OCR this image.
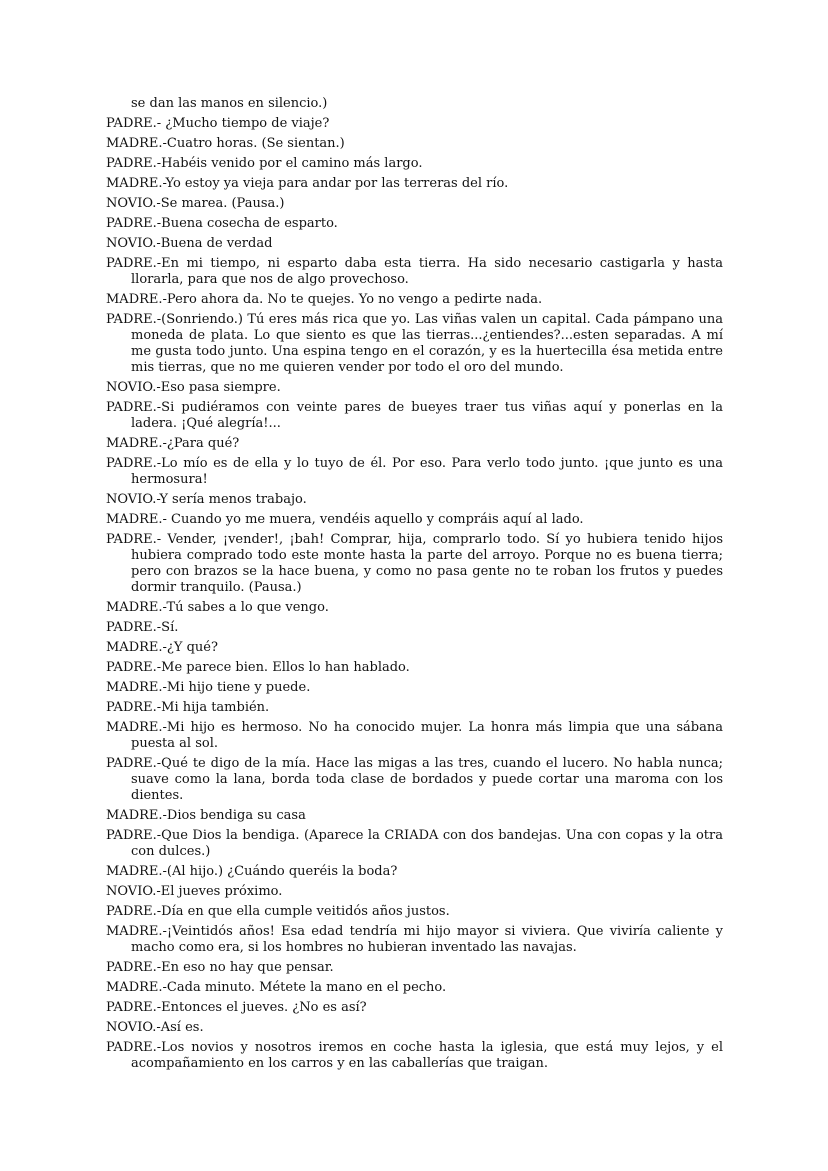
se dan las manos en silencio.)

PADRE.- ¿Mucho tiempo de viaje?

MADRE.-Cuatro horas. (Se sientan.)

PADRE.-Habéis venido por el camino más largo.

MADRE.-Yo estoy ya vieja para andar por las terreras del río.

NOVIO.-Se marea. (Pausa.)

PADRE.-Buena cosecha de esparto.

NOVIO.-Buena de verdad

PADRE.-En mi tiempo, ni esparto daba esta tierra. Ha sido necesario castigarla y hasta llorarla, para que nos de algo provechoso.

MADRE.-Pero ahora da. No te quejes. Yo no vengo a pedirte nada.

PADRE.-(Sonriendo.) Tú eres más rica que yo. Las viñas valen un capital. Cada pámpano una moneda de plata. Lo que siento es que las tierras...¿entiendes?...esten separadas. A mí me gusta todo junto. Una espina tengo en el corazón, y es la huertecilla ésa metida entre mis tierras, que no me quieren vender por todo el oro del mundo.

NOVIO.-Eso pasa siempre.

PADRE.-Si pudiéramos con veinte pares de bueyes traer tus viñas aquí y ponerlas en la ladera. ¡Qué alegría!...

MADRE.-¿Para qué?

PADRE.-Lo mío es de ella y lo tuyo de él. Por eso. Para verlo todo junto. ¡que junto es una hermosura!

NOVIO.-Y sería menos trabajo.

MADRE.- Cuando yo me muera, vendéis aquello y compráis aquí al lado.

PADRE.- Vender, ¡vender!, ¡bah! Comprar, hija, comprarlo todo. Sí yo hubiera tenido hijos hubiera comprado todo este monte hasta la parte del arroyo. Porque no es buena tierra; pero con brazos se la hace buena, y como no pasa gente no te roban los frutos y puedes dormir tranquilo. (Pausa.)

MADRE.-Tú sabes a lo que vengo.

PADRE.-Sí.

MADRE.-¿Y qué?

PADRE.-Me parece bien. Ellos lo han hablado.

MADRE.-Mi hijo tiene y puede.

PADRE.-Mi hija también.

MADRE.-Mi hijo es hermoso. No ha conocido mujer. La honra más limpia que una sábana puesta al sol.

PADRE.-Qué te digo de la mía. Hace las migas a las tres, cuando el lucero. No habla nunca; suave como la lana, borda toda clase de bordados y puede cortar una maroma con los dientes.

MADRE.-Dios bendiga su casa

PADRE.-Que Dios la bendiga. (Aparece la CRIADA con dos bandejas. Una con copas y la otra con dulces.)

MADRE.-(Al hijo.) ¿Cuándo queréis la boda?

NOVIO.-El jueves próximo.

PADRE.-Día en que ella cumple veitidós años justos.

MADRE.-¡Veintidós años! Esa edad tendría mi hijo mayor si viviera. Que viviría caliente y macho como era, si los hombres no hubieran inventado las navajas.

PADRE.-En eso no hay que pensar.

MADRE.-Cada minuto. Métete la mano en el pecho.

PADRE.-Entonces el jueves. ¿No es así?

NOVIO.-Así es.

PADRE.-Los novios y nosotros iremos en coche hasta la iglesia, que está muy lejos, y el acompañamiento en los carros y en las caballerías que traigan.
